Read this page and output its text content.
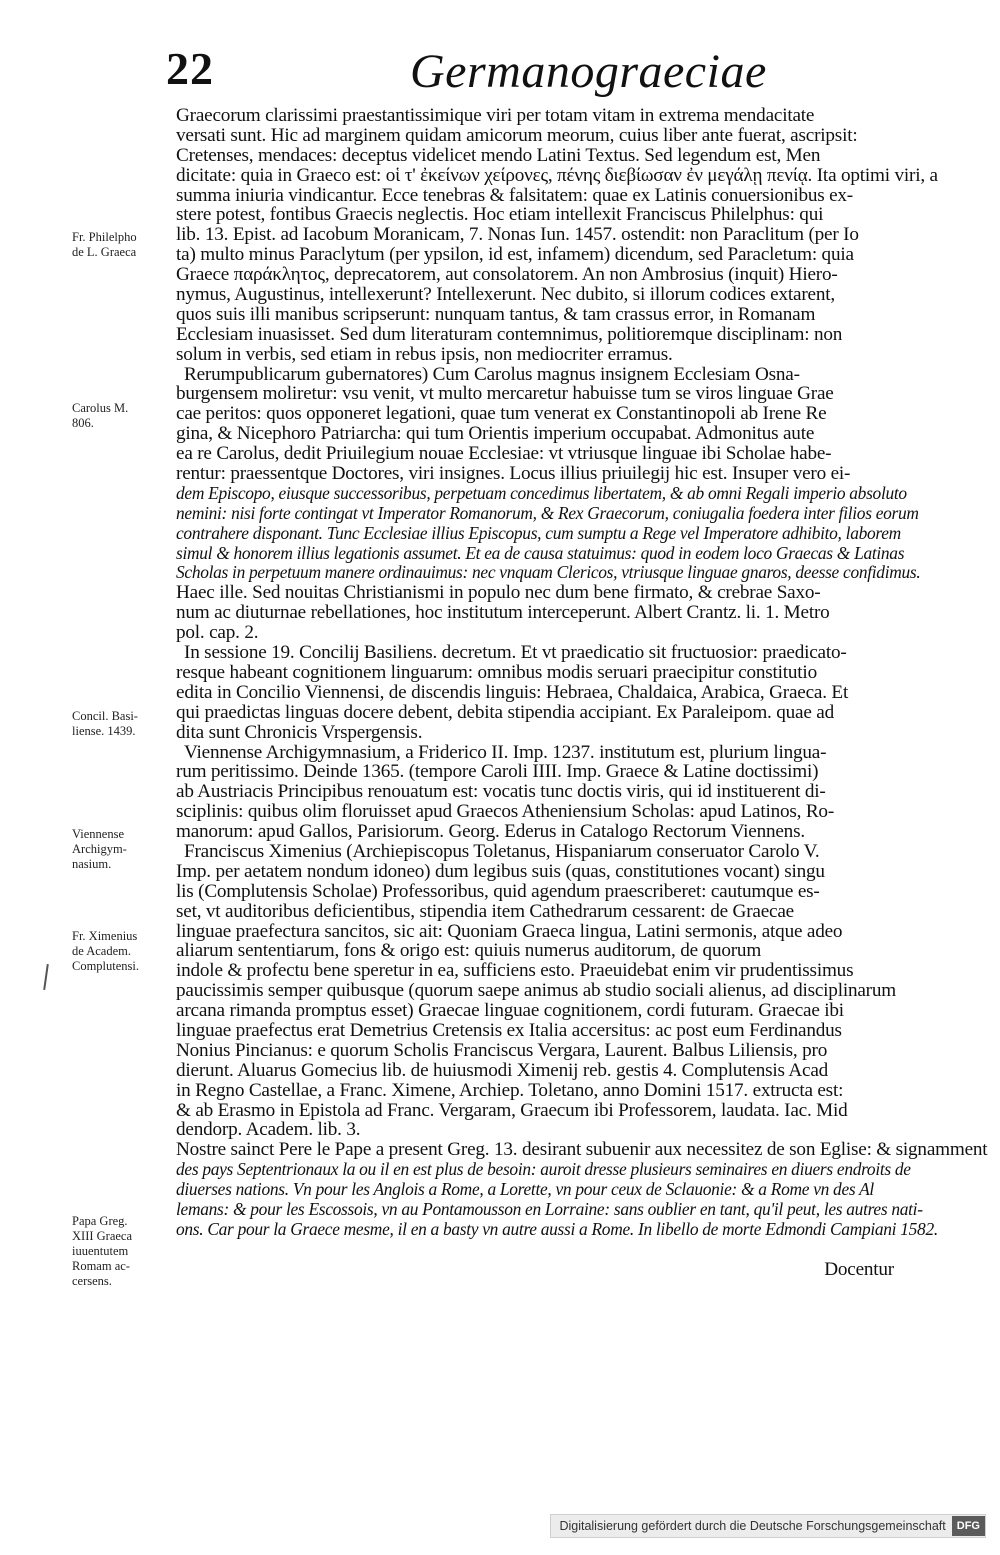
22	Germanograeciae
Fr. Philelpho
de L. Graeca
Carolus M.
806.
Concil. Basi-
liense. 1439.
Viennense
Archigym-
nasium.
Fr. Ximenius
de Academ.
Complutensi.
Papa Greg.
XIII Graeca
iuuentutem
Romam ac-
cersens.
Graecorum clarissimi praestantissimique viri per totam vitam in extrema mendacitate
versati sunt. Hic ad marginem quidam amicorum meorum, cuius liber ante fuerat, ascripsit:
Cretenses, mendaces: deceptus videlicet mendo Latini Textus. Sed legendum est, Men
dicitate: quia in Graeco est: οἱ τ' ἐκείνων χείρονες, πένης διεβίωσαν ἐν μεγάλῃ πενίᾳ. Ita optimi viri, a
summa iniuria vindicantur. Ecce tenebras & falsitatem: quae ex Latinis conuersionibus ex-
stere potest, fontibus Graecis neglectis. Hoc etiam intellexit Franciscus Philelphus: qui
lib. 13. Epist. ad Iacobum Moranicam, 7. Nonas Iun. 1457. ostendit: non Paraclitum (per Io
ta) multo minus Paraclytum (per ypsilon, id est, infamem) dicendum, sed Paracletum: quia
Graece παράκλητος, deprecatorem, aut consolatorem. An non Ambrosius (inquit) Hiero-
nymus, Augustinus, intellexerunt? Intellexerunt. Nec dubito, si illorum codices extarent,
quos suis illi manibus scripserunt: nunquam tantus, & tam crassus error, in Romanam
Ecclesiam inuasisset. Sed dum literaturam contemnimus, politioremque disciplinam: non
solum in verbis, sed etiam in rebus ipsis, non mediocriter erramus.
Rerumpublicarum gubernatores) Cum Carolus magnus insignem Ecclesiam Osna-
burgensem moliretur: vsu venit, vt multo mercaretur habuisse tum se viros linguae Grae
cae peritos: quos opponeret legationi, quae tum venerat ex Constantinopoli ab Irene Re
gina, & Nicephoro Patriarcha: qui tum Orientis imperium occupabat. Admonitus aute
ea re Carolus, dedit Priuilegium nouae Ecclesiae: vt vtriusque linguae ibi Scholae habe-
rentur: praessentque Doctores, viri insignes. Locus illius priuilegij hic est. Insuper vero ei-
dem Episcopo, eiusque successoribus, perpetuam concedimus libertatem, & ab omni Regali imperio absoluto
nemini: nisi forte contingat vt Imperator Romanorum, & Rex Graecorum, coniugalia foedera inter filios eorum
contrahere disponant. Tunc Ecclesiae illius Episcopus, cum sumptu a Rege vel Imperatore adhibito, laborem
simul & honorem illius legationis assumet. Et ea de causa statuimus: quod in eodem loco Graecas & Latinas
Scholas in perpetuum manere ordinauimus: nec vnquam Clericos, vtriusque linguae gnaros, deesse confidimus.
Haec ille. Sed nouitas Christianismi in populo nec dum bene firmato, & crebrae Saxo-
num ac diuturnae rebellationes, hoc institutum interceperunt. Albert Crantz. li. 1. Metro
pol. cap. 2.
In sessione 19. Concilij Basiliens. decretum. Et vt praedicatio sit fructuosior: praedicato-
resque habeant cognitionem linguarum: omnibus modis seruari praecipitur constitutio
edita in Concilio Viennensi, de discendis linguis: Hebraea, Chaldaica, Arabica, Graeca. Et
qui praedictas linguas docere debent, debita stipendia accipiant. Ex Paraleipom. quae ad
dita sunt Chronicis Vrspergensis.
Viennense Archigymnasium, a Friderico II. Imp. 1237. institutum est, plurium lingua-
rum peritissimo. Deinde 1365. (tempore Caroli IIII. Imp. Graece & Latine doctissimi)
ab Austriacis Principibus renouatum est: vocatis tunc doctis viris, qui id instituerent di-
sciplinis: quibus olim floruisset apud Graecos Atheniensium Scholas: apud Latinos, Ro-
manorum: apud Gallos, Parisiorum. Georg. Ederus in Catalogo Rectorum Viennens.
Franciscus Ximenius (Archiepiscopus Toletanus, Hispaniarum conseruator Carolo V.
Imp. per aetatem nondum idoneo) dum legibus suis (quas, constitutiones vocant) singu
lis (Complutensis Scholae) Professoribus, quid agendum praescriberet: cautumque es-
set, vt auditoribus deficientibus, stipendia item Cathedrarum cessarent: de Graecae
linguae praefectura sancitos, sic ait: Quoniam Graeca lingua, Latini sermonis, atque adeo
aliarum sententiarum, fons & origo est: quiuis numerus auditorum, de quorum
indole & profectu bene speretur in ea, sufficiens esto. Praeuidebat enim vir prudentissimus
paucissimis semper quibusque (quorum saepe animus ab studio sociali alienus, ad disciplinarum
arcana rimanda promptus esset) Graecae linguae cognitionem, cordi futuram. Graecae ibi
linguae praefectus erat Demetrius Cretensis ex Italia accersitus: ac post eum Ferdinandus
Nonius Pincianus: e quorum Scholis Franciscus Vergara, Laurent. Balbus Liliensis, pro
dierunt. Aluarus Gomecius lib. de huiusmodi Ximenij reb. gestis 4. Complutensis Acad
in Regno Castellae, a Franc. Ximene, Archiep. Toletano, anno Domini 1517. extructa est:
& ab Erasmo in Epistola ad Franc. Vergaram, Graecum ibi Professorem, laudata. Iac. Mid
dendorp. Academ. lib. 3.
Nostre sainct Pere le Pape a present Greg. 13. desirant subuenir aux necessitez de son Eglise: & signamment
des pays Septentrionaux la ou il en est plus de besoin: auroit dresse plusieurs seminaires en diuers endroits de
diuerses nations. Vn pour les Anglois a Rome, a Lorette, vn pour ceux de Sclauonie: & a Rome vn des Al
lemans: & pour les Escossois, vn au Pontamousson en Lorraine: sans oublier en tant, qu'il peut, les autres nati-
ons. Car pour la Graece mesme, il en a basty vn autre aussi a Rome. In libello de morte Edmondi Campiani 1582.
Docentur
Digitalisierung gefördert durch die Deutsche Forschungsgemeinschaft	DFG
